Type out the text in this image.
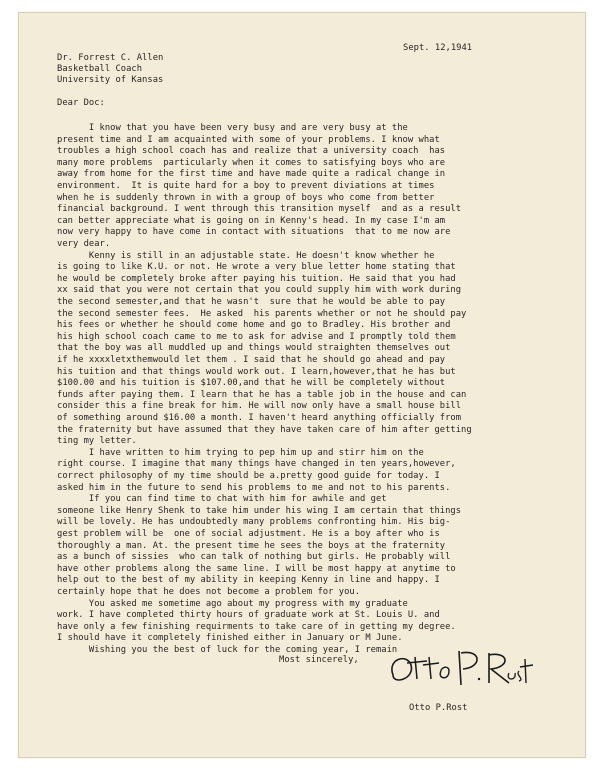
Sept. 12,1941
Dr. Forrest C. Allen
Basketball Coach
University of Kansas
Dear Doc:
I know that you have been very busy and are very busy at the
present time and I am acquainted with some of your problems. I know what
troubles a high school coach has and realize that a university coach  has
many more problems  particularly when it comes to satisfying boys who are
away from home for the first time and have made quite a radical change in
environment.  It is quite hard for a boy to prevent diviations at times
when he is suddenly thrown in with a group of boys who come from better
financial background. I went through this transition myself  and as a result
can better appreciate what is going on in Kenny's head. In my case I'm am
now very happy to have come in contact with situations  that to me now are
very dear.
Kenny is still in an adjustable state. He doesn't know whether he
is going to like K.U. or not. He wrote a very blue letter home stating that
he would be completely broke after paying his tuition. He said that you had
xx said that you were not certain that you could supply him with work during
the second semester,and that he wasn't  sure that he would be able to pay
the second semester fees.  He asked  his parents whether or not he should pay
his fees or whether he should come home and go to Bradley. His brother and
his high school coach came to me to ask for advise and I promptly told them
that the boy was all muddled up and things would straighten themselves out
if he xxxxletxthemwould let them . I said that he should go ahead and pay
his tuition and that things would work out. I learn,however,that he has but
$100.00 and his tuition is $107.00,and that he will be completely without
funds after paying them. I learn that he has a table job in the house and can
consider this a fine break for him. He will now only have a small house bill
of something around $16.00 a month. I haven't heard anything officially from
the fraternity but have assumed that they have taken care of him after getting
ting my letter.
I have written to him trying to pep him up and stirr him on the
right course. I imagine that many things have changed in ten years,however,
correct philosophy of my time should be a.pretty good guide for today. I
asked him in the future to send his problems to me and not to his parents.
If you can find time to chat with him for awhile and get
someone like Henry Shenk to take him under his wing I am certain that things
will be lovely. He has undoubtedly many problems confronting him. His big-
gest problem will be  one of social adjustment. He is a boy after who is
thoroughly a man. At. the present time he sees the boys at the fraternity
as a bunch of sissies  who can talk of nothing but girls. He probably will
have other problems along the same line. I will be most happy at anytime to
help out to the best of my ability in keeping Kenny in line and happy. I
certainly hope that he does not become a problem for you.
You asked me sometime ago about my progress with my graduate
work. I have completed thirty hours of graduate work at St. Louis U. and
have only a few finishing requirments to take care of in getting my degree.
I should have it completely finished either in January or M June.
Wishing you the best of luck for the coming year, I remain
Most sincerely,
Otto P.Rost
